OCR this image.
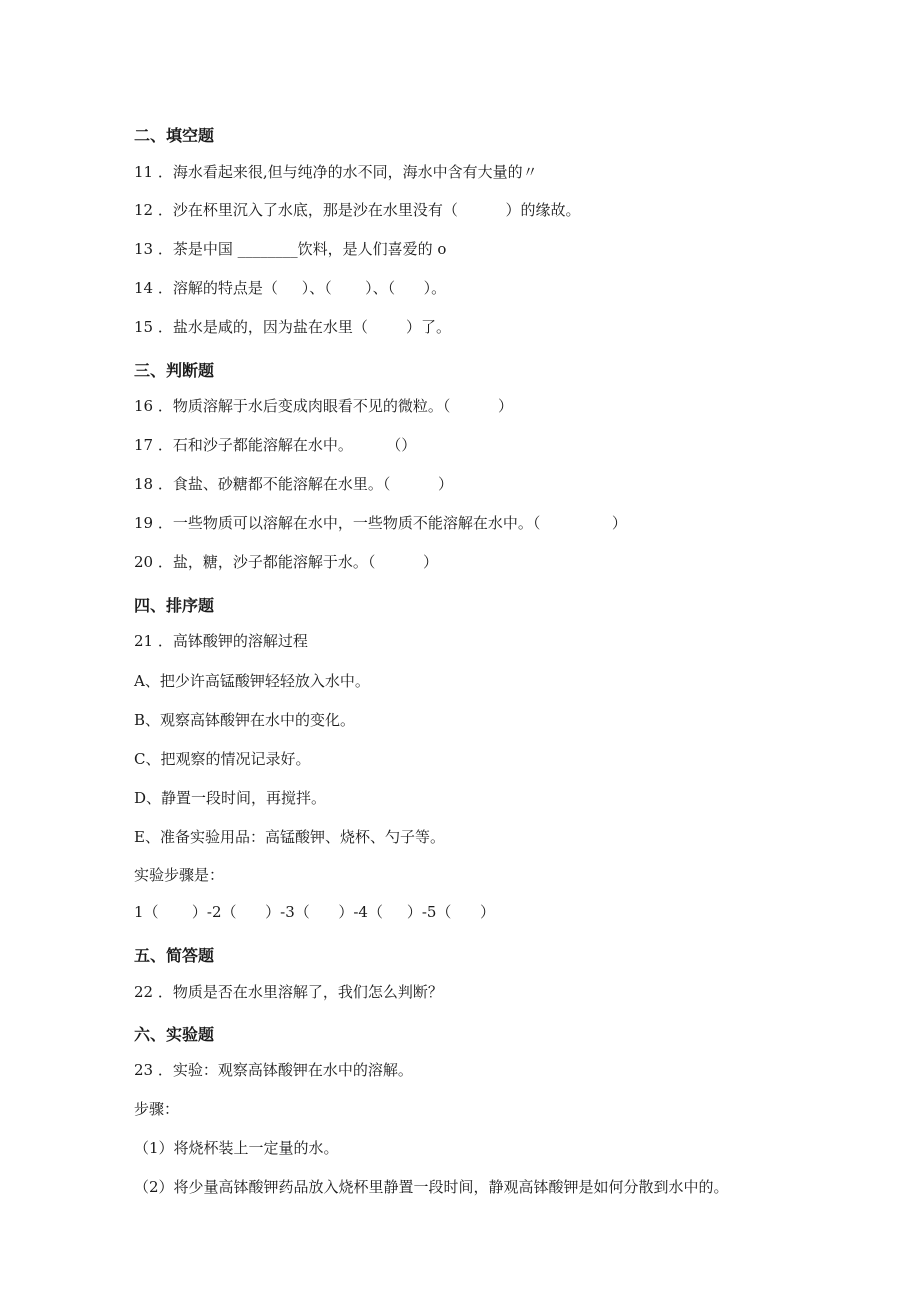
二、填空题
11 ．海水看起来很,但与纯净的水不同，海水中含有大量的〃
12 ．沙在杯里沉入了水底，那是沙在水里没有（          ）的缘故。
13 ．茶是中国 ________饮料，是人们喜爱的 o
14 ．溶解的特点是（     ）、（       ）、（      ）。
15 ．盐水是咸的，因为盐在水里（        ）了。
三、判断题
16 ．物质溶解于水后变成肉眼看不见的微粒。（          ）
17 ．石和沙子都能溶解在水中。       （）
18 ．食盐、砂糖都不能溶解在水里。（          ）
19 ．一些物质可以溶解在水中，一些物质不能溶解在水中。（               ）
20 ．盐，糖，沙子都能溶解于水。（          ）
四、排序题
21 ．高钵酸钾的溶解过程
A、把少许高锰酸钾轻轻放入水中。
B、观察高钵酸钾在水中的变化。
C、把观察的情况记录好。
D、静置一段时间，再搅拌。
E、准备实验用品：高锰酸钾、烧杯、勺子等。
实验步骤是：
1（       ）-2（      ）-3（      ）-4（     ）-5（      ）
五、简答题
22 ．物质是否在水里溶解了，我们怎么判断？
六、实验题
23 ．实验：观察高钵酸钾在水中的溶解。
步骤：
（1）将烧杯装上一定量的水。
（2）将少量高钵酸钾药品放入烧杯里静置一段时间，静观高钵酸钾是如何分散到水中的。
